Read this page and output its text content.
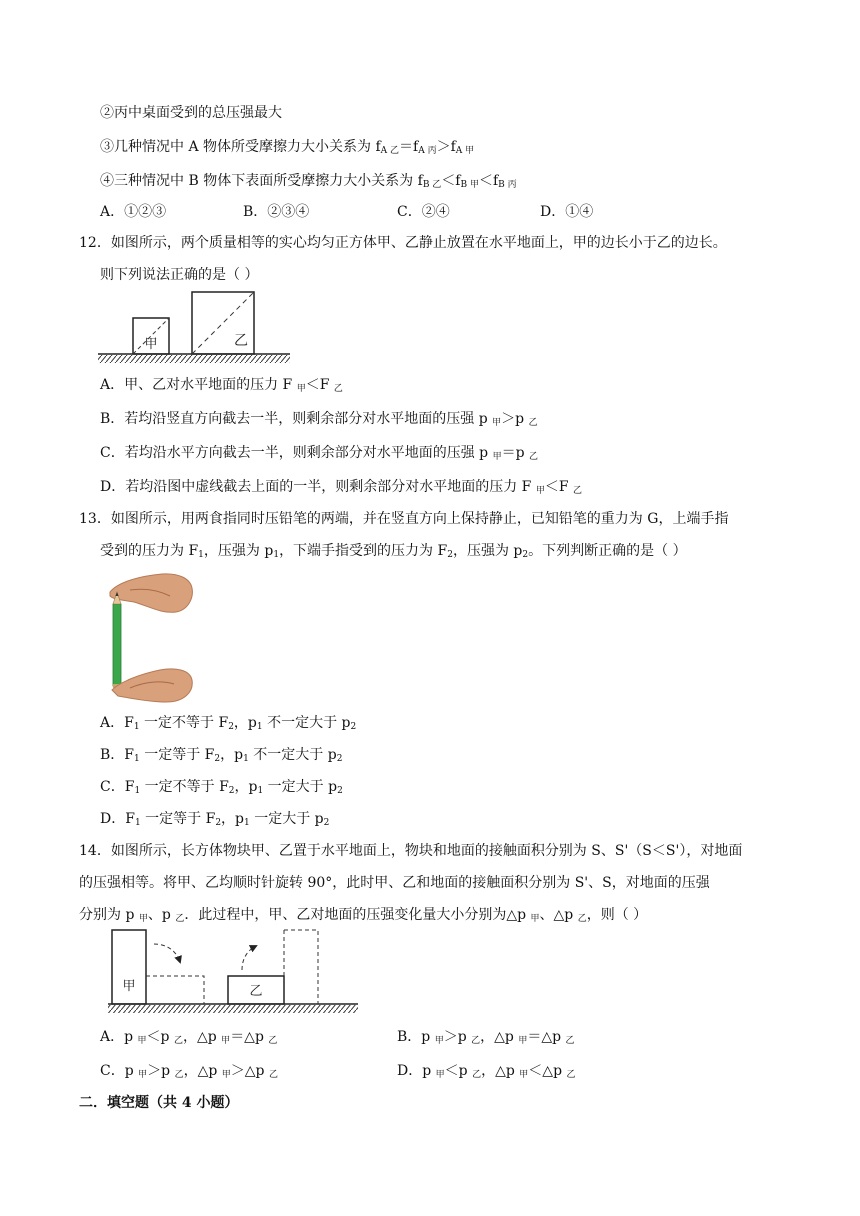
②丙中桌面受到的总压强最大
③几种情况中 A 物体所受摩擦力大小关系为 $f_{A 乙}=f_{A 丙}>f_{A 甲}$
④三种情况中 B 物体下表面所受摩擦力大小关系为 $f_{B 乙}<f_{B 甲}<f_{B 丙}$
A．①②③	B．②③④	C．②④	D．①④
12．如图所示，两个质量相等的实心均匀正方体甲、乙静止放置在水平地面上，甲的边长小于乙的边长。
则下列说法正确的是（ ）
甲	乙
A．甲、乙对水平地面的压力 F $_甲$＜F $_乙$
B．若均沿竖直方向截去一半，则剩余部分对水平地面的压强 p $_甲$＞p $_乙$
C．若均沿水平方向截去一半，则剩余部分对水平地面的压强 p $_甲$＝p $_乙$
D．若均沿图中虚线截去上面的一半，则剩余部分对水平地面的压力 F $_甲$＜F $_乙$
13．如图所示，用两食指同时压铅笔的两端，并在竖直方向上保持静止，已知铅笔的重力为 G，上端手指
受到的压力为 $F_1$，压强为 $p_1$，下端手指受到的压力为 $F_2$，压强为 $p_2$。下列判断正确的是（ ）
A．$F_1$ 一定不等于 $F_2$，$p_1$ 不一定大于 $p_2$
B．$F_1$ 一定等于 $F_2$，$p_1$ 不一定大于 $p_2$
C．$F_1$ 一定不等于 $F_2$，$p_1$ 一定大于 $p_2$
D．$F_1$ 一定等于 $F_2$，$p_1$ 一定大于 $p_2$
14．如图所示，长方体物块甲、乙置于水平地面上，物块和地面的接触面积分别为 S、S'（S＜S'），对地面
的压强相等。将甲、乙均顺时针旋转 90°，此时甲、乙和地面的接触面积分别为 S'、S，对地面的压强
分别为 p $_甲$、p $_乙$．此过程中，甲、乙对地面的压强变化量大小分别为△p $_甲$、△p $_乙$，则（ ）
甲	乙
A．p $_甲$＜p $_乙$，△p $_甲$＝△p $_乙$	B．p $_甲$＞p $_乙$，△p $_甲$＝△p $_乙$
C．p $_甲$＞p $_乙$，△p $_甲$＞△p $_乙$	D．p $_甲$＜p $_乙$，△p $_甲$＜△p $_乙$
二．填空题（共 4 小题）
